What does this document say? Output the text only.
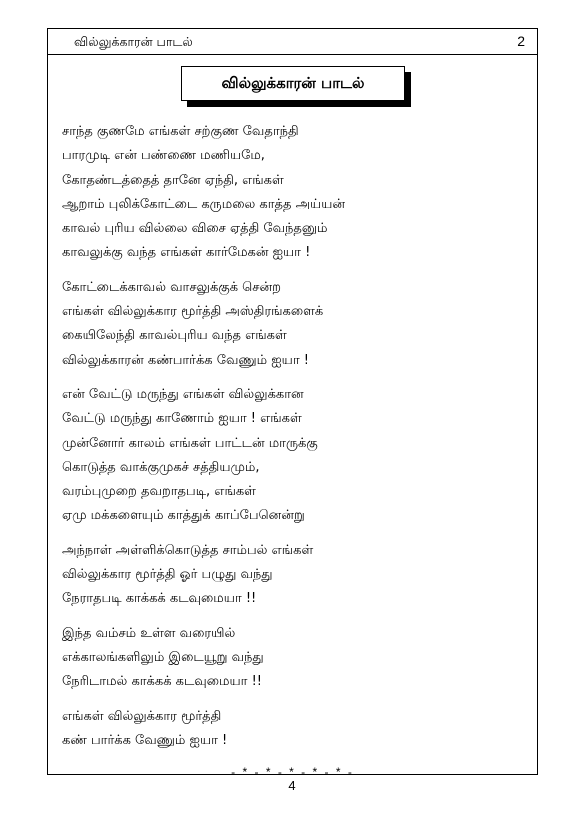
வில்லுக்காரன் பாடல்	2
வில்லுக்காரன் பாடல்
சாந்த குணமே எங்கள் சற்குண வேதாந்தி
பாரமுடி என் பண்ணை மணியமே,
கோதண்டத்தைத் தானே ஏந்தி, எங்கள்
ஆறாம் புலிக்கோட்டை கருமலை காத்த அய்யன்
காவல் புரிய வில்லை விசை ஏத்தி வேந்தனும்
காவலுக்கு வந்த எங்கள் கார்மேகன் ஐயா !
கோட்டைக்காவல் வாசலுக்குக் சென்ற
எங்கள் வில்லுக்கார மூர்த்தி அஸ்திரங்களைக்
கையிலேந்தி காவல்புரிய வந்த எங்கள்
வில்லுக்காரன் கண்பார்க்க வேணும் ஐயா !
என் வேட்டு மருந்து எங்கள் வில்லுக்கான
வேட்டு மருந்து காணோம் ஐயா ! எங்கள்
முன்னோர் காலம் எங்கள் பாட்டன் மாருக்கு
கொடுத்த வாக்குமுகச் சத்தியமும்,
வரம்புமுறை தவறாதபடி, எங்கள்
ஏமு மக்களையும் காத்துக் காப்பேனென்று
அந்நாள் அள்ளிக்கொடுத்த சாம்பல் எங்கள்
வில்லுக்கார மூர்த்தி ஓர் பழுது வந்து
நேராதபடி காக்கக் கடவுமையா !!
இந்த வம்சம் உள்ள வரையில்
எக்காலங்களிலும் இடையூறு வந்து
நேரிடாமல் காக்கக் கடவுமையா !!
எங்கள் வில்லுக்கார மூர்த்தி
கண் பார்க்க வேணும் ஐயா !
- * - * - * - * - * -
4
